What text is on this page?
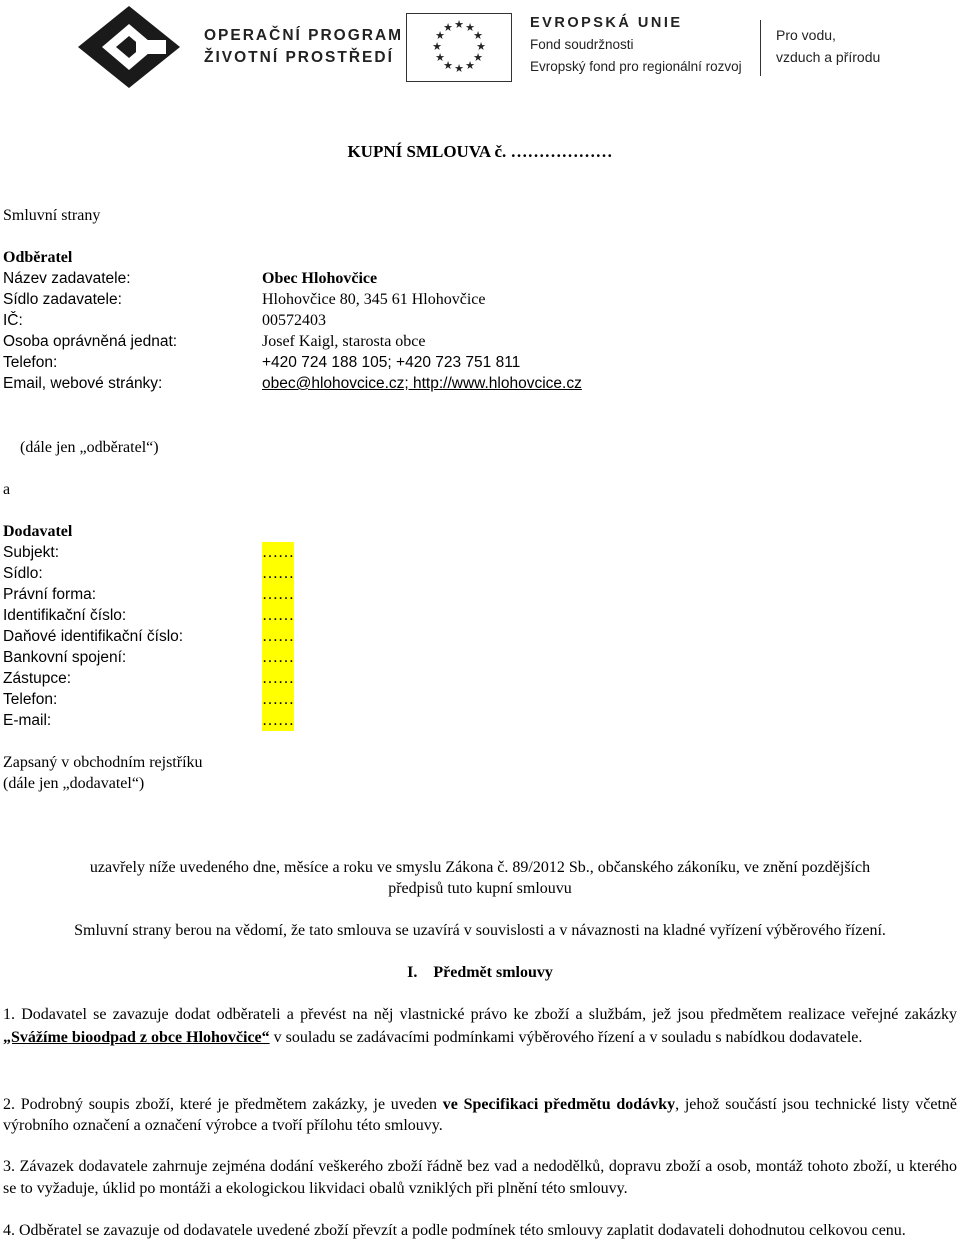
OPERAČNÍ PROGRAM
ŽIVOTNÍ PROSTŘEDÍ
★ ★
★
★
★
★
★
★
★
★
★
★	EVROPSKÁ UNIE
Fond soudržnosti
Evropský fond pro regionální rozvoj
Pro vodu,
vzduch a přírodu
KUPNÍ SMLOUVA č. ………………
Smluvní strany
Odběratel
Název zadavatele:	Obec Hlohovčice
Sídlo zadavatele:	Hlohovčice 80, 345 61 Hlohovčice
IČ:	00572403
Osoba oprávněná jednat:	Josef Kaigl, starosta obce
Telefon:	+420 724 188 105; +420 723 751 811
Email, webové stránky:	obec@hlohovcice.cz; http://www.hlohovcice.cz
(dále jen „odběratel“)
a
Dodavatel
Subjekt:	……
Sídlo:	……
Právní forma:	……
Identifikační číslo:	……
Daňové identifikační číslo:	……
Bankovní spojení:	……
Zástupce:	……
Telefon:	……
E-mail:	……
Zapsaný v obchodním rejstříku
(dále jen „dodavatel“)
uzavřely níže uvedeného dne, měsíce a roku ve smyslu Zákona č. 89/2012 Sb., občanského zákoníku, ve znění pozdějších
předpisů tuto kupní smlouvu
Smluvní strany berou na vědomí, že tato smlouva se uzavírá v souvislosti a v návaznosti na kladné vyřízení výběrového řízení.
I. Předmět smlouvy
1. Dodavatel se zavazuje dodat odběrateli a převést na něj vlastnické právo ke zboží a službám, jež jsou předmětem realizace veřejné zakázky „Svážíme bioodpad z obce Hlohovčice“ v souladu se zadávacími podmínkami výběrového řízení a v souladu s nabídkou dodavatele.
2. Podrobný soupis zboží, které je předmětem zakázky, je uveden ve Specifikaci předmětu dodávky, jehož součástí jsou technické listy včetně výrobního označení a označení výrobce a tvoří přílohu této smlouvy.
3. Závazek dodavatele zahrnuje zejména dodání veškerého zboží řádně bez vad a nedodělků, dopravu zboží a osob, montáž tohoto zboží, u kterého se to vyžaduje, úklid po montáži a ekologickou likvidaci obalů vzniklých při plnění této smlouvy.
4. Odběratel se zavazuje od dodavatele uvedené zboží převzít a podle podmínek této smlouvy zaplatit dodavateli dohodnutou celkovou cenu.
